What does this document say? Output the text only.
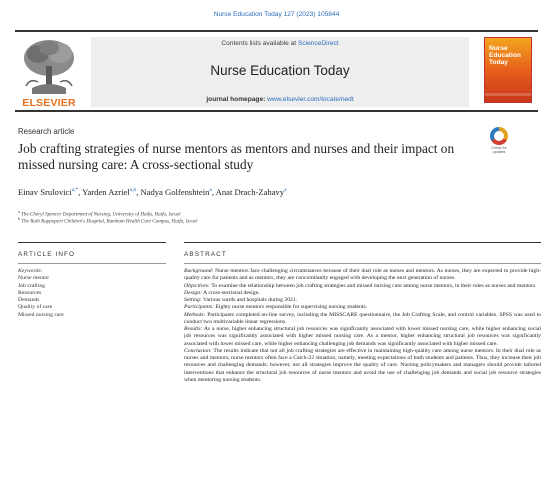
Nurse Education Today 127 (2023) 105844
ELSEVIER
Contents lists available at ScienceDirect
Nurse Education Today
journal homepage: www.elsevier.com/locate/nedt
Nurse
Education
Today
Research article
Check for
updates
Job crafting strategies of nurse mentors as mentors and nurses and their impact on missed nursing care: A cross-sectional study
Einav Srulovici$^{a,*}$, Yarden Azriel$^{a,b}$, Nadya Golfenshtein$^a$, Anat Drach-Zahavy$^a$
$^a$ The Cheryl Spencer Department of Nursing, University of Haifa, Haifa, Israel
$^b$ The Ruth Rappaport Children's Hospital, Rambam Health Care Campus, Haifa, Israel
ARTICLE INFO	ABSTRACT
Keywords:
Nurse mentor
Job crafting
Resources
Demands
Quality of care
Missed nursing care

Background: Nurse mentors face challenging circumstances because of their dual role as nurses and mentors. As nurses, they are expected to provide high-quality care for patients and as mentors, they are concomitantly engaged with developing the next generation of nurses.

Objectives: To examine the relationship between job crafting strategies and missed nursing care among nurse mentors, in their roles as nurses and mentors.

Design: A cross-sectional design.

Setting: Various wards and hospitals during 2021.

Participants: Eighty nurse mentors responsible for supervising nursing students.

Methods: Participants completed on-line survey, including the MISSCARE questionnaire, the Job Crafting Scale, and control variables. SPSS was used to conduct two multivariable linear regressions.

Results: As a nurse, higher enhancing structural job resources was significantly associated with lower missed nursing care, while higher enhancing social job resources was significantly associated with higher missed nursing care. As a mentor, higher enhancing structural job resources was significantly associated with lower missed care, while higher enhancing challenging job demands was significantly associated with higher missed care.

Conclusion: The results indicate that not all job crafting strategies are effective in maintaining high-quality care among nurse mentors. In their dual role as nurses and mentors, nurse mentors often face a Catch-22 situation, namely, meeting expectations of both students and patients. Thus, they increase their job resources and challenging demands; however, not all strategies improve the quality of care. Nursing policymakers and managers should provide tailored interventions that enhance the structural job resources of nurse mentors and avoid the use of challenging job demands and social job resource strategies when mentoring nursing students.
